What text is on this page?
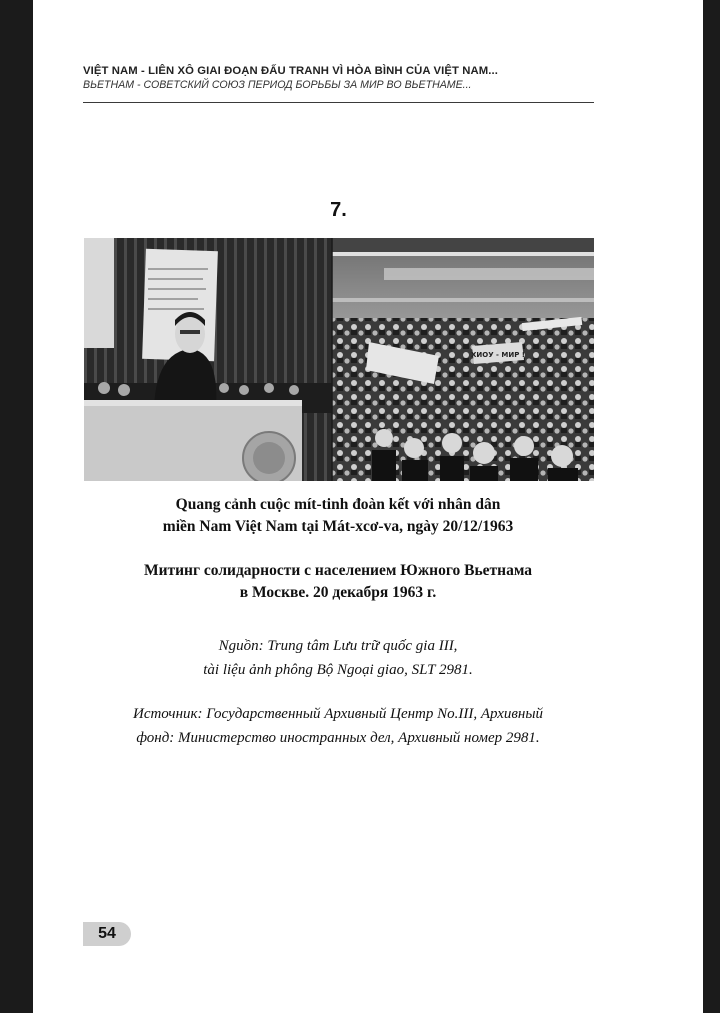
VIỆT NAM - LIÊN XÔ GIAI ĐOẠN ĐẤU TRANH VÌ HÒA BÌNH CỦA VIỆT NAM...
ВЬЕТНАМ - СОВЕТСКИЙ СОЮЗ ПЕРИОД БОРЬБЫ ЗА МИР ВО ВЬЕТНАМЕ...
7.
ХИОУ - МИР !
Quang cảnh cuộc mít-tinh đoàn kết với nhân dân
miền Nam Việt Nam tại Mát-xcơ-va, ngày 20/12/1963
Митинг солидарности с населением Южного Вьетнама
в Москве. 20 декабря 1963 г.
Nguồn: Trung tâm Lưu trữ quốc gia III,
tài liệu ảnh phông Bộ Ngoại giao, SLT 2981.
Источник: Государственный Архивный Центр No.III, Архивный
фонд: Министерство иностранных дел, Архивный номер 2981.
54
